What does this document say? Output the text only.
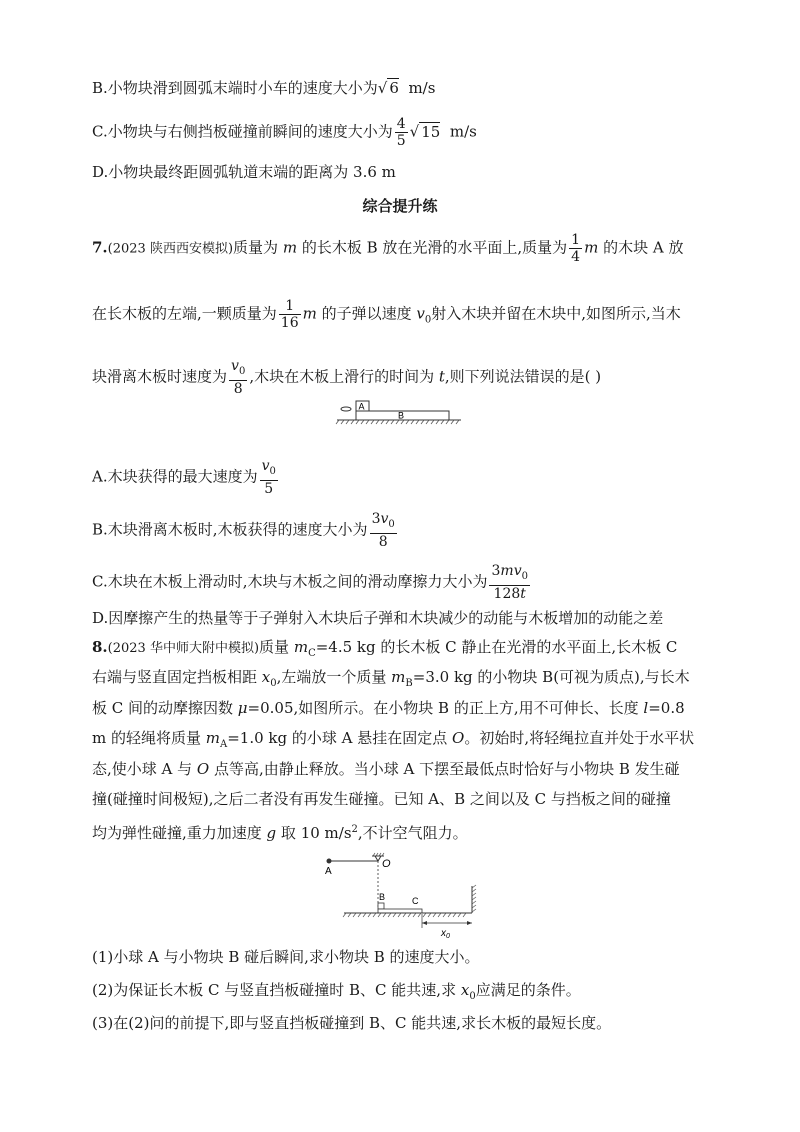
B.小物块滑到圆弧末端时小车的速度大小为√ 6 m/s
C.小物块与右侧挡板碰撞前瞬间的速度大小为 $\frac{4}{5}$ √ 15 m/s
D.小物块最终距圆弧轨道末端的距离为 3.6 m
综合提升练
7.(2023 陕西西安模拟)质量为 m 的长木板 B 放在光滑的水平面上,质量为 $\frac{1}{4}$ m 的木块 A 放
在长木板的左端,一颗质量为 $\frac{1}{16}$ m 的子弹以速度 $v_0$射入木块并留在木块中,如图所示,当木
块滑离木板时速度为 $\frac{v_0}{8}$ ,木块在木板上滑行的时间为 t,则下列说法错误的是( )
A
B
A.木块获得的最大速度为 $\frac{v_0}{5}$
B.木块滑离木板时,木板获得的速度大小为 $\frac{3v_0}{8}$
C.木块在木板上滑动时,木块与木板之间的滑动摩擦力大小为 $\frac{3mv_0}{128t}$
D.因摩擦产生的热量等于子弹射入木块后子弹和木块减少的动能与木板增加的动能之差
8.(2023 华中师大附中模拟)质量 $m_C=4.5$ kg 的长木板 C 静止在光滑的水平面上,长木板 C
右端与竖直固定挡板相距 $x_0$,左端放一个质量 $m_B=3.0$ kg 的小物块 B(可视为质点),与长木
板 C 间的动摩擦因数 μ=0.05,如图所示。在小物块 B 的正上方,用不可伸长、长度 l=0.8
m 的轻绳将质量 $m_A=1.0$ kg 的小球 A 悬挂在固定点 O。初始时,将轻绳拉直并处于水平状
态,使小球 A 与 O 点等高,由静止释放。当小球 A 下摆至最低点时恰好与小物块 B 发生碰
撞(碰撞时间极短),之后二者没有再发生碰撞。已知 A、B 之间以及 C 与挡板之间的碰撞
均为弹性碰撞,重力加速度 g 取 10 $m/s^2$,不计空气阻力。
O
A
B	C
$x_0$
(1)小球 A 与小物块 B 碰后瞬间,求小物块 B 的速度大小。
(2)为保证长木板 C 与竖直挡板碰撞时 B、C 能共速,求 $x_0$应满足的条件。
(3)在(2)问的前提下,即与竖直挡板碰撞到 B、C 能共速,求长木板的最短长度。
